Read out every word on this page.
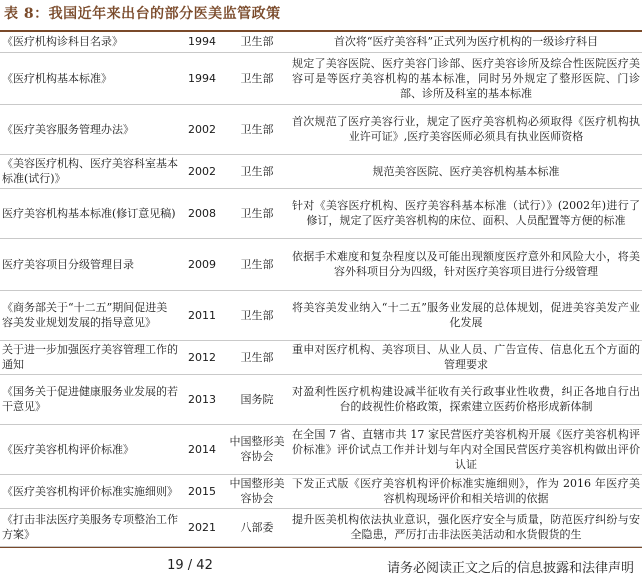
表 8：我国近年来出台的部分医美监管政策
《医疗机构诊科目名录》	1994	卫生部	首次将“医疗美容科”正式列为医疗机构的一级诊疗科目
《医疗机构基本标准》	1994	卫生部	规定了美容医院、医疗美容门诊部、医疗美容诊所及综合性医院医疗美容可是等医疗美容机构的基本标准，同时另外规定了整形医院、门诊部、诊所及科室的基本标准
《医疗美容服务管理办法》	2002	卫生部	首次规范了医疗美容行业，规定了医疗美容机构必须取得《医疗机构执业许可证》,医疗美容医师必须具有执业医师资格
《美容医疗机构、医疗美容科室基本标准(试行)》	2002	卫生部	规范美容医院、医疗美容机构基本标准
医疗美容机构基本标准(修订意见稿)	2008	卫生部	针对《美容医疗机构、医疗美容科基本标准（试行）》(2002年)进行了修订，规定了医疗美容机构的床位、面积、人员配置等方便的标准
医疗美容项目分级管理目录	2009	卫生部	依据手术难度和复杂程度以及可能出现额度医疗意外和风险大小，将美容外科项目分为四级，针对医疗美容项目进行分级管理
《商务部关于“十二五”期间促进美容美发业规划发展的指导意见》	2011	卫生部	将美容美发业纳入“十二五”服务业发展的总体规划，促进美容美发产业化发展
关于进一步加强医疗美容管理工作的通知	2012	卫生部	重申对医疗机构、美容项目、从业人员、广告宣传、信息化五个方面的管理要求
《国务关于促进健康服务业发展的若干意见》	2013	国务院	对盈利性医疗机构建设减半征收有关行政事业性收费，纠正各地自行出台的歧视性价格政策，探索建立医药价格形成新体制
《医疗美容机构评价标准》	2014	中国整形美容协会	在全国 7 省、直辖市共 17 家民营医疗美容机构开展《医疗美容机构评价标准》评价试点工作并计划与年内对全国民营医疗美容机构做出评价认证
《医疗美容机构评价标准实施细则》	2015	中国整形美容协会	下发正式版《医疗美容机构评价标准实施细则》，作为 2016 年医疗美容机构现场评价和相关培训的依据
《打击非法医疗美服务专项整治工作方案》	2021	八部委	提升医美机构依法执业意识，强化医疗安全与质量，防范医疗纠纷与安全隐患，严厉打击非法医美活动和水货假货的生
19 / 42	请务必阅读正文之后的信息披露和法律声明
